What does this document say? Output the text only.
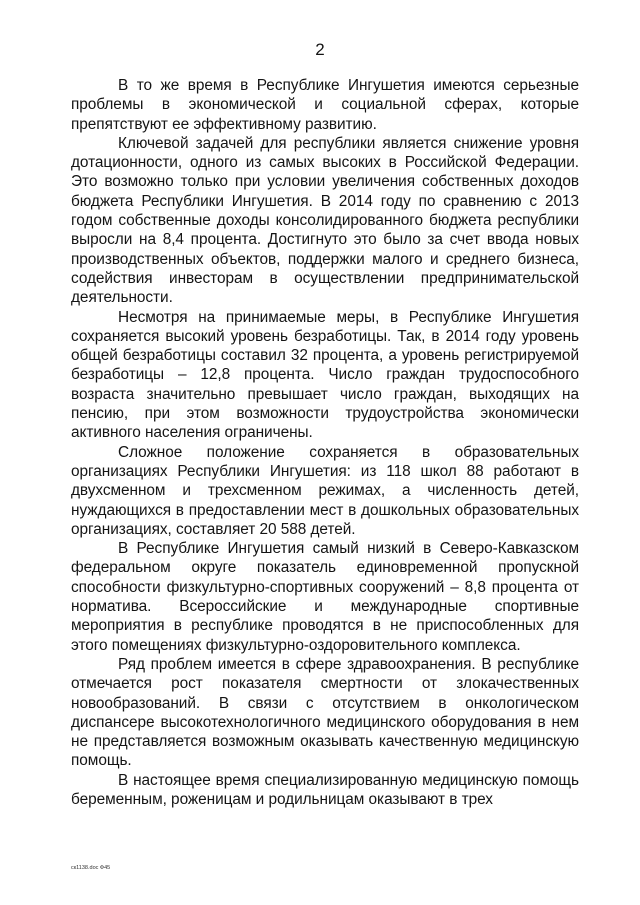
2

В то же время в Республике Ингушетия имеются серьезные проблемы в экономической и социальной сферах, которые препятствуют ее эффективному развитию.

Ключевой задачей для республики является снижение уровня дотационности, одного из самых высоких в Российской Федерации. Это возможно только при условии увеличения собственных доходов бюджета Республики Ингушетия. В 2014 году по сравнению с 2013 годом собственные доходы консолидированного бюджета республики выросли на 8,4 процента. Достигнуто это было за счет ввода новых производственных объектов, поддержки малого и среднего бизнеса, содействия инвесторам в осуществлении предпринимательской деятельности.

Несмотря на принимаемые меры, в Республике Ингушетия сохраняется высокий уровень безработицы. Так, в 2014 году уровень общей безработицы составил 32 процента, а уровень регистрируемой безработицы – 12,8 процента. Число граждан трудоспособного возраста значительно превышает число граждан, выходящих на пенсию, при этом возможности трудоустройства экономически активного населения ограничены.

Сложное положение сохраняется в образовательных организациях Республики Ингушетия: из 118 школ 88 работают в двухсменном и трехсменном режимах, а численность детей, нуждающихся в предоставлении мест в дошкольных образовательных организациях, составляет 20 588 детей.

В Республике Ингушетия самый низкий в Северо-Кавказском федеральном округе показатель единовременной пропускной способности физкультурно-спортивных сооружений – 8,8 процента от норматива. Всероссийские и международные спортивные мероприятия в республике проводятся в не приспособленных для этого помещениях физкультурно-оздоровительного комплекса.

Ряд проблем имеется в сфере здравоохранения. В республике отмечается рост показателя смертности от злокачественных новообразований. В связи с отсутствием в онкологическом диспансере высокотехнологичного медицинского оборудования в нем не представляется возможным оказывать качественную медицинскую помощь.

В настоящее время специализированную медицинскую помощь беременным, роженицам и родильницам оказывают в трех

ск1138.doc Ф45
